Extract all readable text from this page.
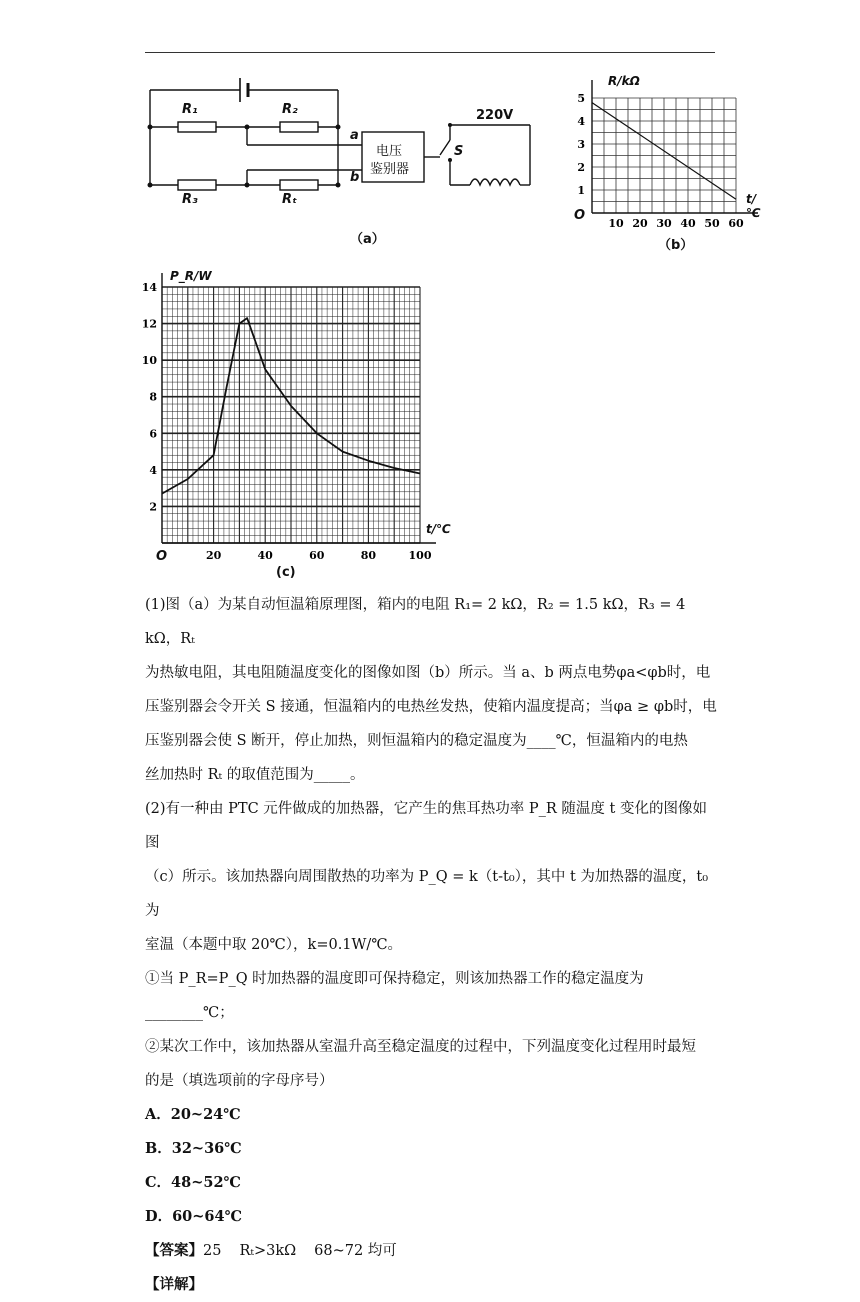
R₁	R₂
R₃	Rₜ
a
b
电压
鉴别器
S
220V
（a）
10 20 30 40 50 60
1
2
3
4
5
R/kΩ
t/℃
O
（b）
20	40	60	80	100
2
4
6
8
10
12
14
P_R/W
t/℃
O
(c)

(1)图（a）为某自动恒温箱原理图，箱内的电阻 R₁= 2 kΩ，R₂ = 1.5 kΩ，R₃ = 4 kΩ，Rₜ

为热敏电阻，其电阻随温度变化的图像如图（b）所示。当 a、b 两点电势φa<φb时，电

压鉴别器会令开关 S 接通，恒温箱内的电热丝发热，使箱内温度提高；当φa ≥ φb时，电

压鉴别器会使 S 断开，停止加热，则恒温箱内的稳定温度为____℃，恒温箱内的电热

丝加热时 Rₜ 的取值范围为_____。

(2)有一种由 PTC 元件做成的加热器，它产生的焦耳热功率 P_R 随温度 t 变化的图像如图

（c）所示。该加热器向周围散热的功率为 P_Q = k（t-t₀），其中 t 为加热器的温度，t₀ 为

室温（本题中取 20℃），k=0.1W/℃。

①当 P_R=P_Q 时加热器的温度即可保持稳定，则该加热器工作的稳定温度为________℃；

②某次工作中，该加热器从室温升高至稳定温度的过程中，下列温度变化过程用时最短

的是（填选项前的字母序号）

A．20~24℃

B．32~36℃

C．48~52℃

D．60~64℃

【答案】25 Rₜ>3kΩ 68~72 均可

【详解】
